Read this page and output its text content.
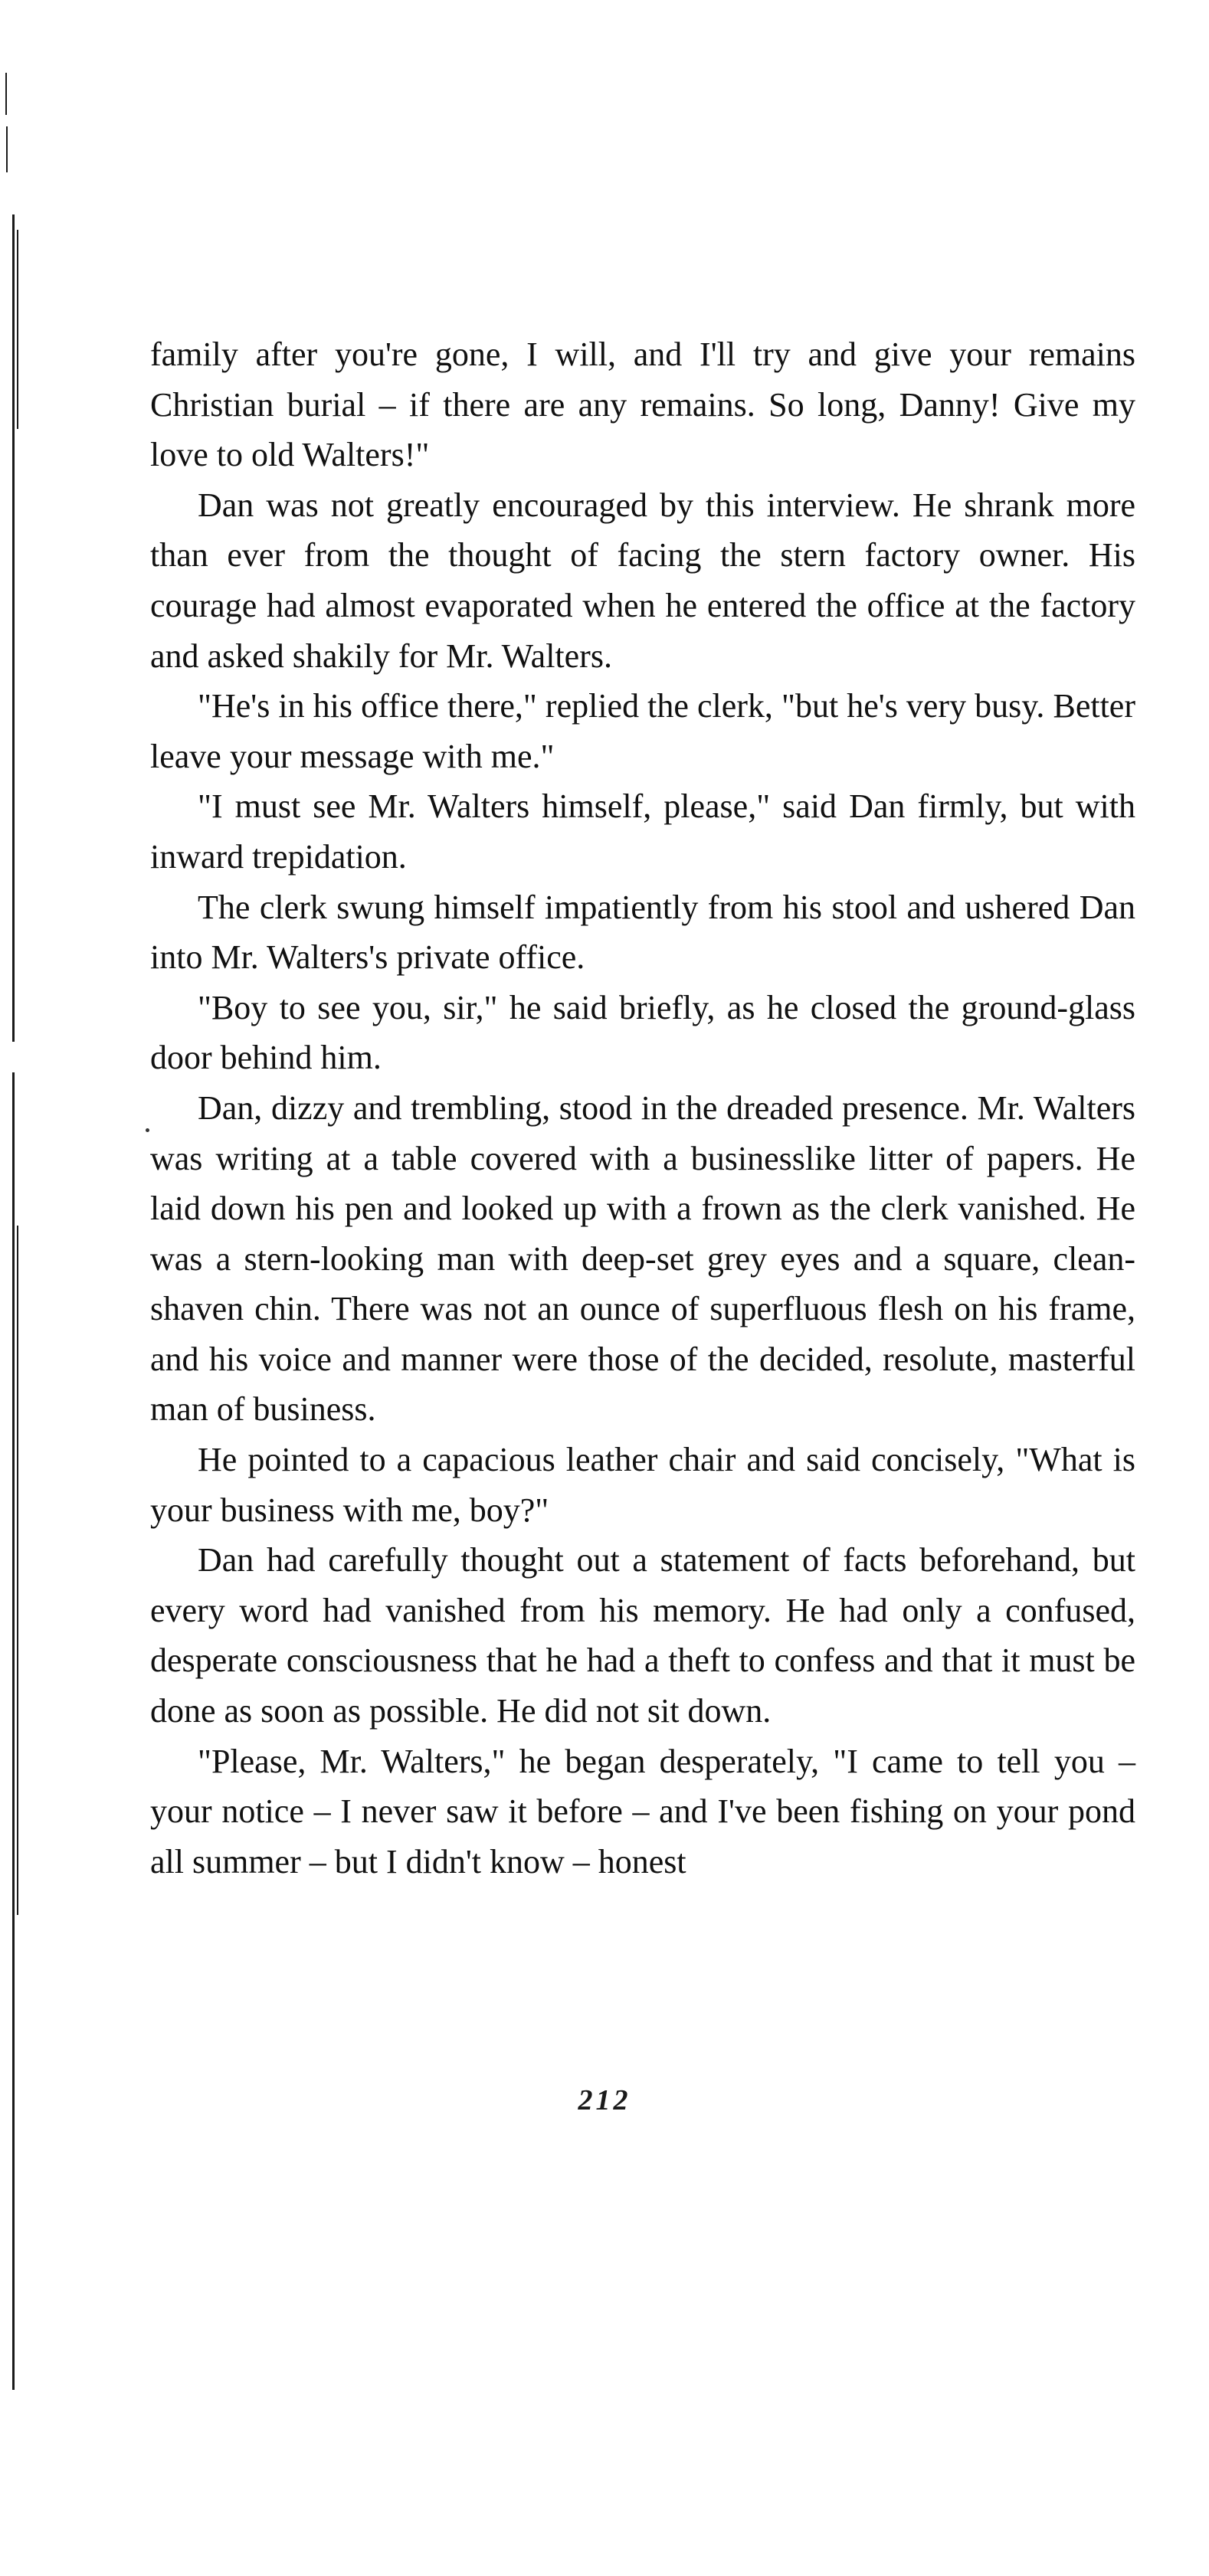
family after you're gone, I will, and I'll try and give your remains Christian burial – if there are any remains. So long, Danny! Give my love to old Walters!"

Dan was not greatly encouraged by this interview. He shrank more than ever from the thought of facing the stern factory owner. His courage had almost evaporated when he entered the office at the factory and asked shakily for Mr. Walters.

"He's in his office there," replied the clerk, "but he's very busy. Better leave your message with me."

"I must see Mr. Walters himself, please," said Dan firmly, but with inward trepidation.

The clerk swung himself impatiently from his stool and ushered Dan into Mr. Walters's private office.

"Boy to see you, sir," he said briefly, as he closed the ground-glass door behind him.

Dan, dizzy and trembling, stood in the dreaded presence. Mr. Walters was writing at a table covered with a businesslike litter of papers. He laid down his pen and looked up with a frown as the clerk vanished. He was a stern-looking man with deep-set grey eyes and a square, clean-shaven chin. There was not an ounce of superfluous flesh on his frame, and his voice and manner were those of the decided, resolute, masterful man of business.

He pointed to a capacious leather chair and said concisely, "What is your business with me, boy?"

Dan had carefully thought out a statement of facts beforehand, but every word had vanished from his memory. He had only a confused, desperate consciousness that he had a theft to confess and that it must be done as soon as possible. He did not sit down.

"Please, Mr. Walters," he began desperately, "I came to tell you – your notice – I never saw it before – and I've been fishing on your pond all summer – but I didn't know – honest

212
